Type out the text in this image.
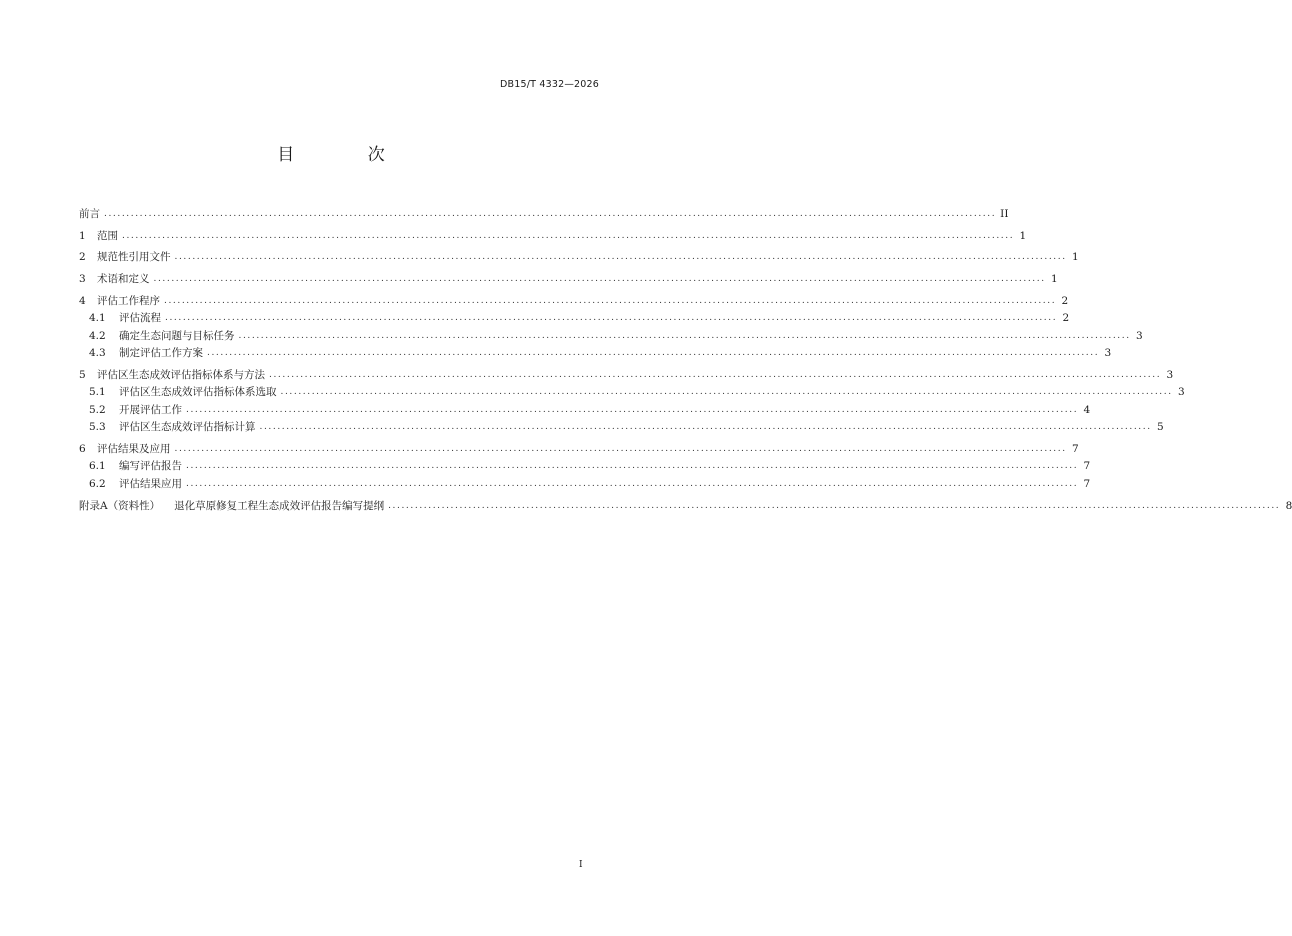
DB15/T 4332—2026
目 次
前言 ........................................................................................................................................................................................................ II
1	范围 ........................................................................................................................................................................................................ 1
2	规范性引用文件 ........................................................................................................................................................................................................ 1
3	术语和定义 ........................................................................................................................................................................................................ 1
4	评估工作程序 ........................................................................................................................................................................................................ 2
4.1	评估流程 ........................................................................................................................................................................................................ 2
4.2	确定生态问题与目标任务 ........................................................................................................................................................................................................ 3
4.3	制定评估工作方案 ........................................................................................................................................................................................................ 3
5	评估区生态成效评估指标体系与方法 ........................................................................................................................................................................................................ 3
5.1	评估区生态成效评估指标体系选取 ........................................................................................................................................................................................................ 3
5.2	开展评估工作 ........................................................................................................................................................................................................ 4
5.3	评估区生态成效评估指标计算 ........................................................................................................................................................................................................ 5
6	评估结果及应用 ........................................................................................................................................................................................................ 7
6.1	编写评估报告 ........................................................................................................................................................................................................ 7
6.2	评估结果应用 ........................................................................................................................................................................................................ 7
附录A（资料性） 退化草原修复工程生态成效评估报告编写提纲 ........................................................................................................................................................................................................ 8
I
